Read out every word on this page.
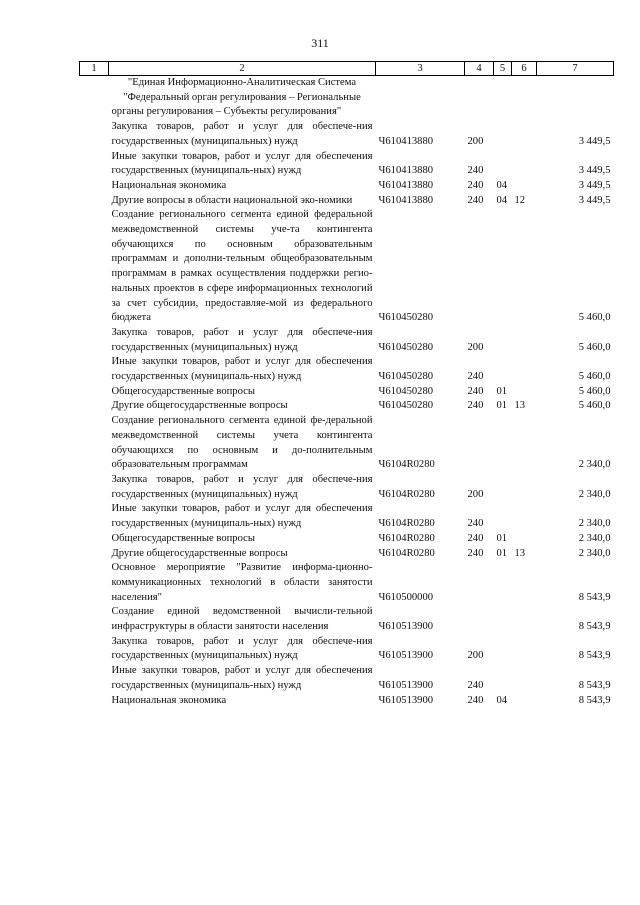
311
1	2	3	4	5	6	7
	"Единая Информационно-Аналитическая Система "Федеральный орган регулирования – Региональные органы регулирования – Субъекты регулирования"					
	Закупка товаров, работ и услуг для обеспече-ния государственных (муниципальных) нужд	Ч610413880	200			3 449,5
	Иные закупки товаров, работ и услуг для обеспечения государственных (муниципаль-ных) нужд	Ч610413880	240			3 449,5
	Национальная экономика	Ч610413880	240	04		3 449,5
	Другие вопросы в области национальной эко-номики	Ч610413880	240	04	12	3 449,5
	Создание регионального сегмента единой федеральной межведомственной системы уче-та контингента обучающихся по основным образовательным программам и дополни-тельным общеобразовательным программам в рамках осуществления поддержки регио-нальных проектов в сфере информационных технологий за счет субсидии, предоставляе-мой из федерального бюджета	Ч610450280				5 460,0
	Закупка товаров, работ и услуг для обеспече-ния государственных (муниципальных) нужд	Ч610450280	200			5 460,0
	Иные закупки товаров, работ и услуг для обеспечения государственных (муниципаль-ных) нужд	Ч610450280	240			5 460,0
	Общегосударственные вопросы	Ч610450280	240	01		5 460,0
	Другие общегосударственные вопросы	Ч610450280	240	01	13	5 460,0
	Создание регионального сегмента единой фе-деральной межведомственной системы учета контингента обучающихся по основным и до-полнительным образовательным программам	Ч6104R0280				2 340,0
	Закупка товаров, работ и услуг для обеспече-ния государственных (муниципальных) нужд	Ч6104R0280	200			2 340,0
	Иные закупки товаров, работ и услуг для обеспечения государственных (муниципаль-ных) нужд	Ч6104R0280	240			2 340,0
	Общегосударственные вопросы	Ч6104R0280	240	01		2 340,0
	Другие общегосударственные вопросы	Ч6104R0280	240	01	13	2 340,0
	Основное мероприятие "Развитие информа-ционно-коммуникационных технологий в области занятости населения"	Ч610500000				8 543,9
	Создание единой ведомственной вычисли-тельной инфраструктуры в области занятости населения	Ч610513900				8 543,9
	Закупка товаров, работ и услуг для обеспече-ния государственных (муниципальных) нужд	Ч610513900	200			8 543,9
	Иные закупки товаров, работ и услуг для обеспечения государственных (муниципаль-ных) нужд	Ч610513900	240			8 543,9
	Национальная экономика	Ч610513900	240	04		8 543,9
